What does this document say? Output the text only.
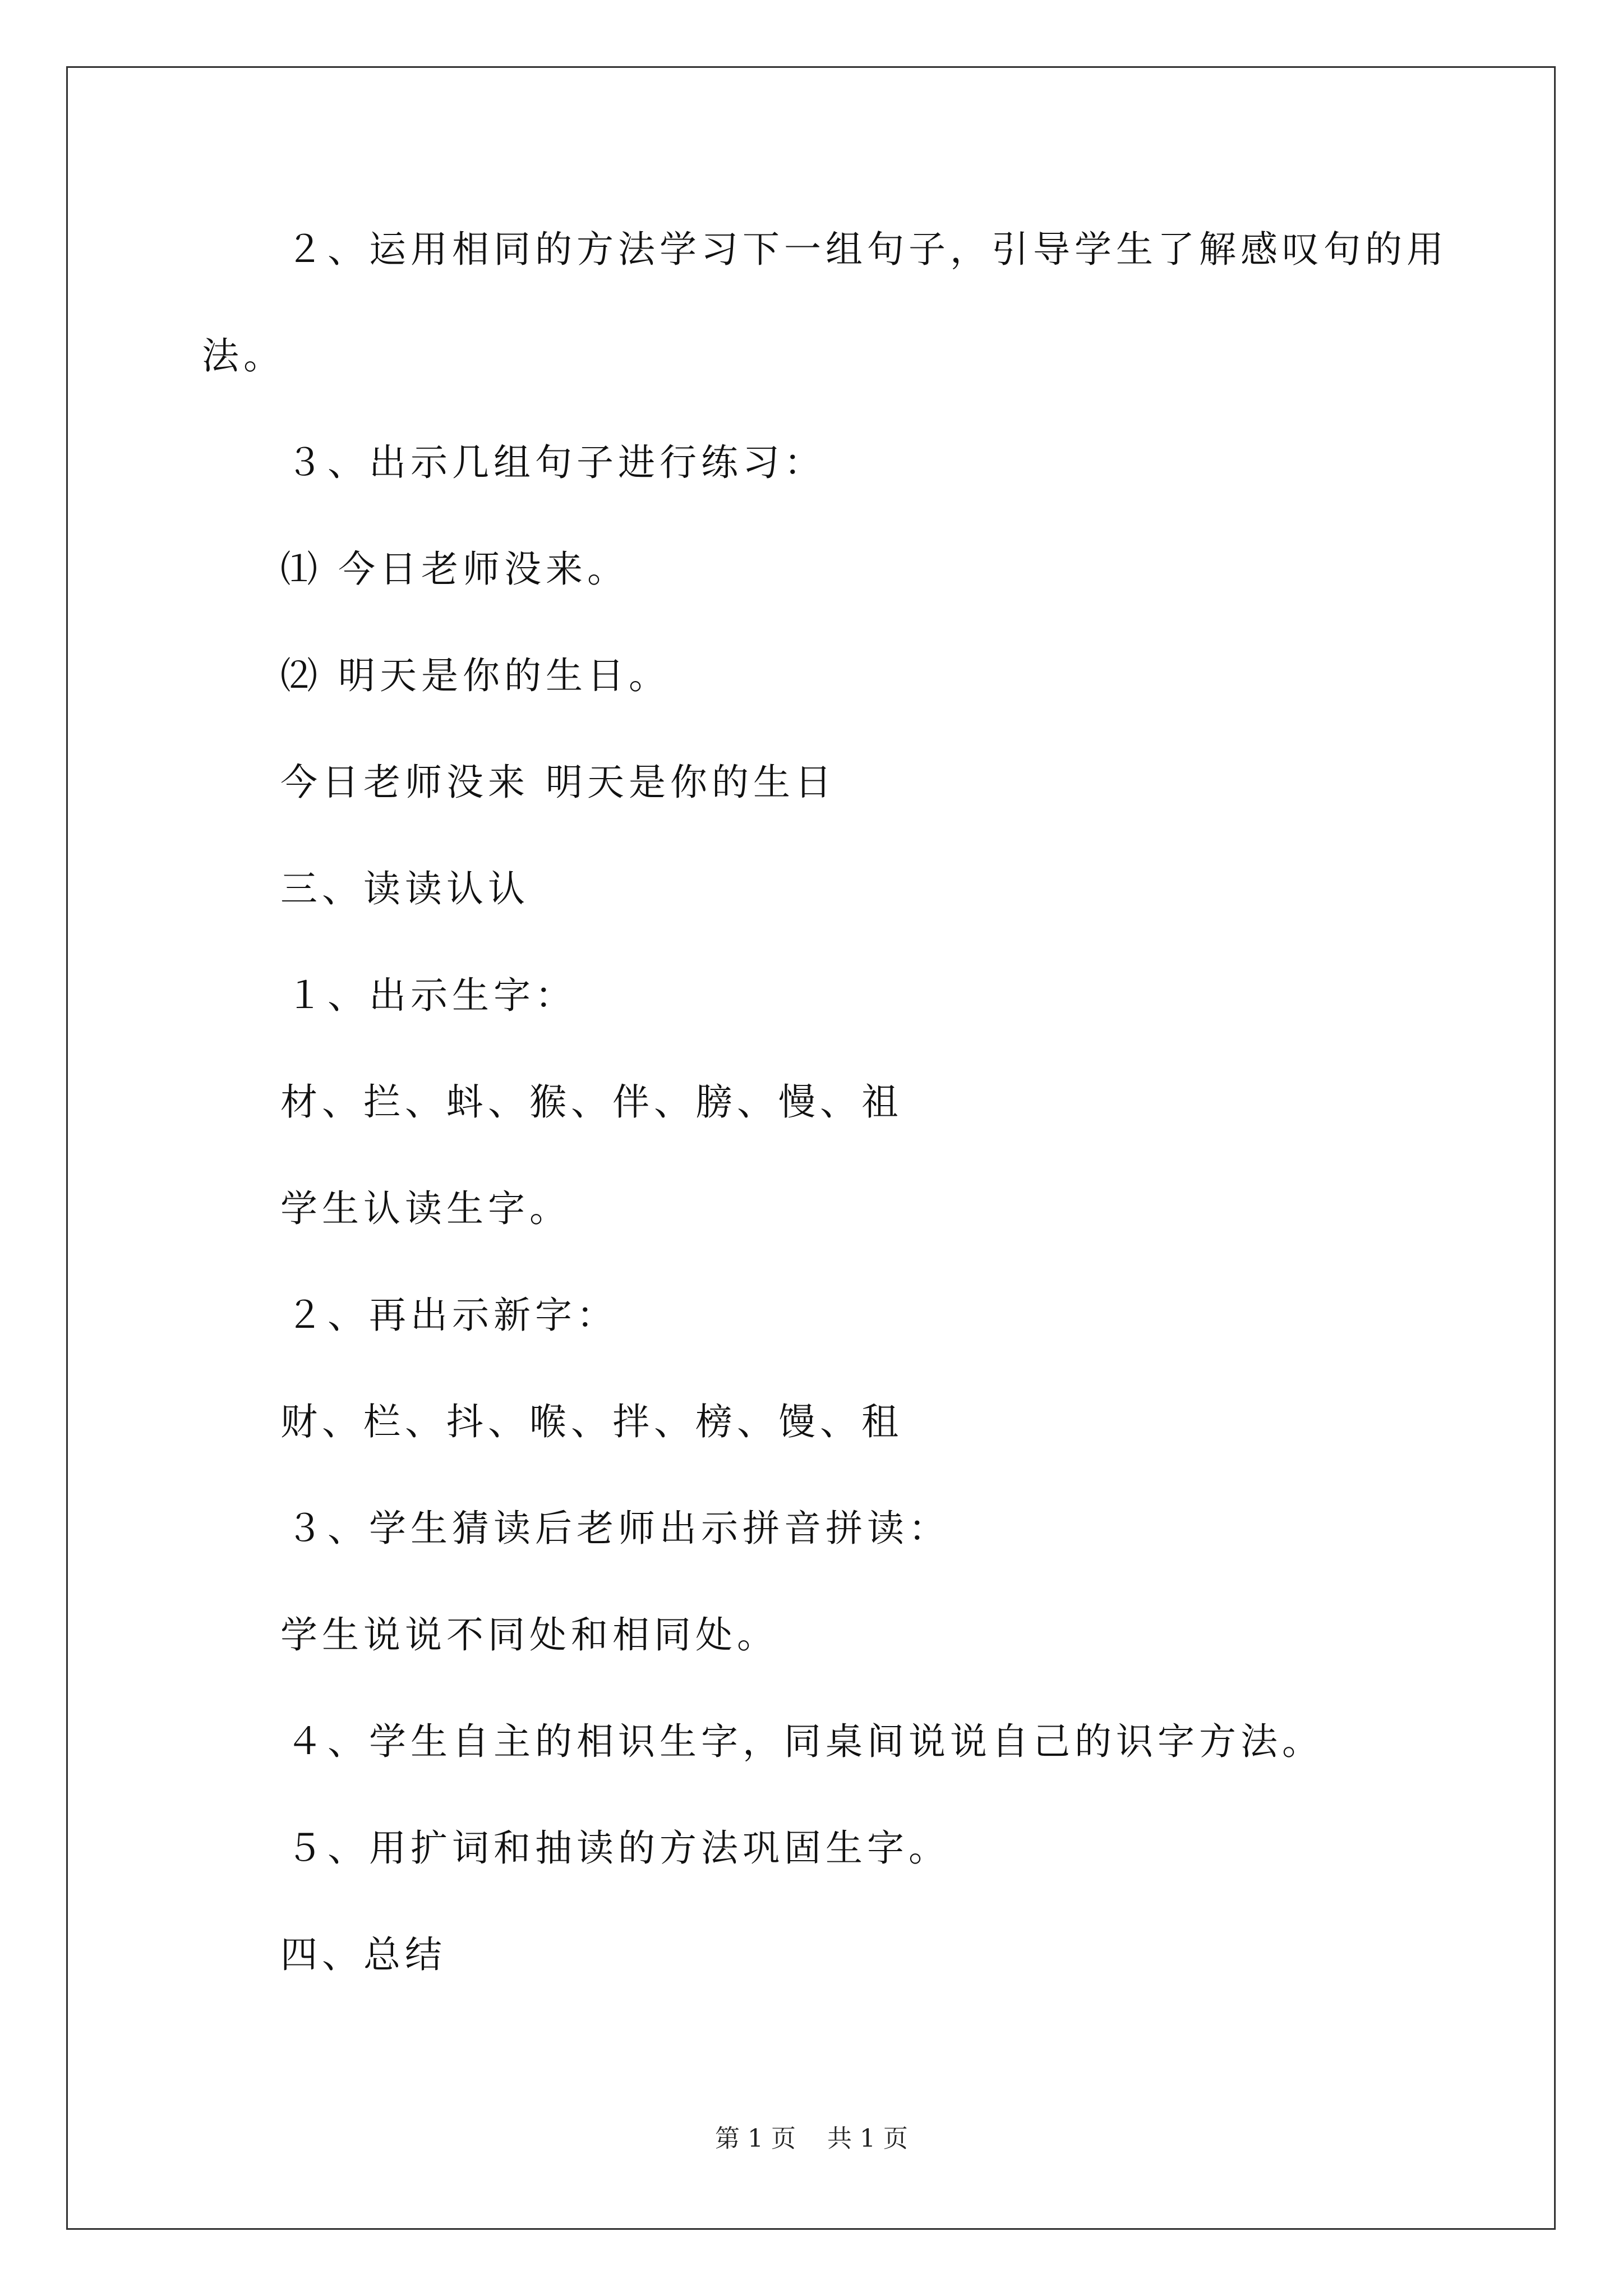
２、运用相同的方法学习下一组句子，引导学生了解感叹句的用
法。
３、出示几组句子进行练习：
⑴ 今日老师没来。
⑵ 明天是你的生日。
今日老师没来 明天是你的生日
三、读读认认
１、出示生字：
材、拦、蚪、猴、伴、膀、慢、祖
学生认读生字。
２、再出示新字：
财、栏、抖、喉、拌、榜、馒、租
３、学生猜读后老师出示拼音拼读：
学生说说不同处和相同处。
４、学生自主的相识生字，同桌间说说自己的识字方法。
５、用扩词和抽读的方法巩固生字。
四、总结
第 1 页    共 1 页
